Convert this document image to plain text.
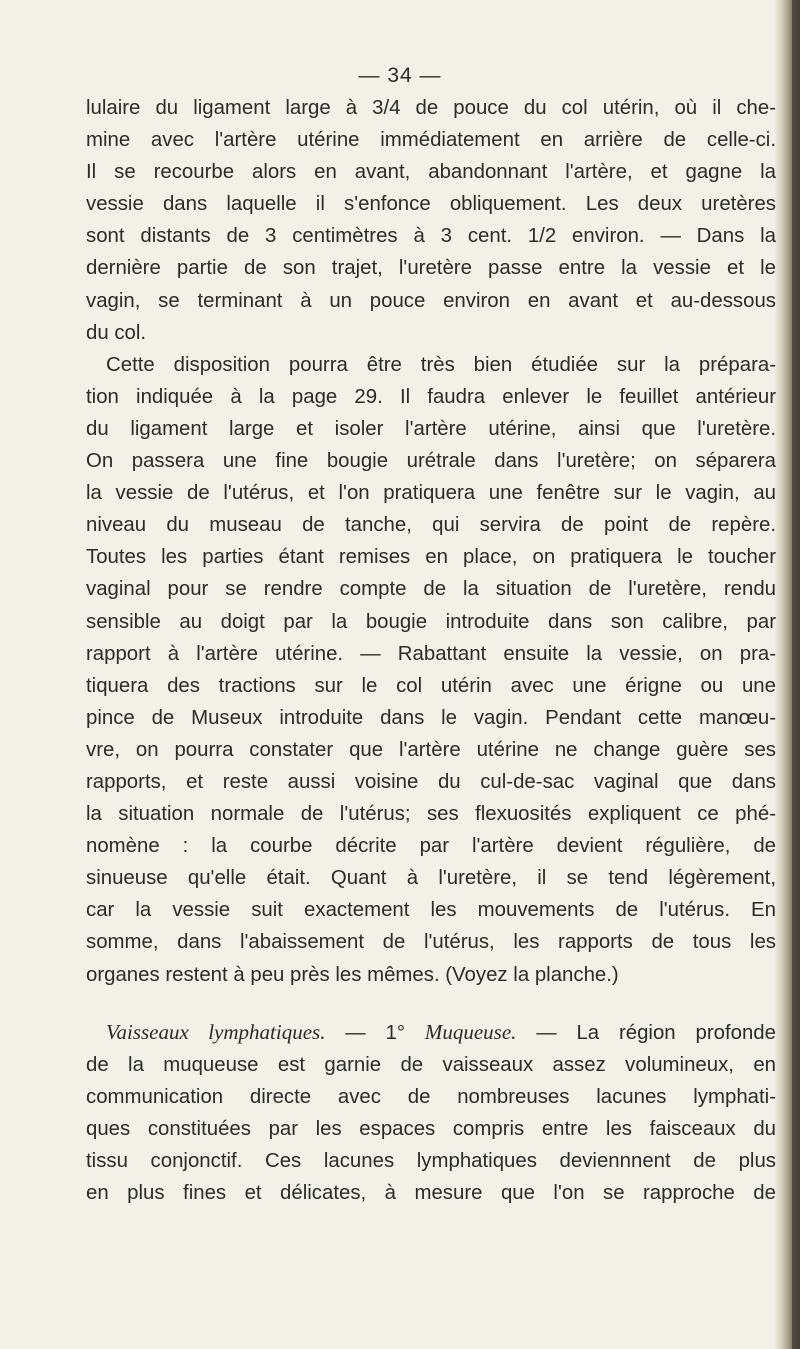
— 34 —
lulaire du ligament large à 3/4 de pouce du col utérin, où il che-
mine avec l'artère utérine immédiatement en arrière de celle-ci.
Il se recourbe alors en avant, abandonnant l'artère, et gagne la
vessie dans laquelle il s'enfonce obliquement. Les deux uretères
sont distants de 3 centimètres à 3 cent. 1/2 environ. — Dans la
dernière partie de son trajet, l'uretère passe entre la vessie et le
vagin, se terminant à un pouce environ en avant et au-dessous
du col.
Cette disposition pourra être très bien étudiée sur la prépara-
tion indiquée à la page 29. Il faudra enlever le feuillet antérieur
du ligament large et isoler l'artère utérine, ainsi que l'uretère.
On passera une fine bougie urétrale dans l'uretère; on séparera
la vessie de l'utérus, et l'on pratiquera une fenêtre sur le vagin, au
niveau du museau de tanche, qui servira de point de repère.
Toutes les parties étant remises en place, on pratiquera le toucher
vaginal pour se rendre compte de la situation de l'uretère, rendu
sensible au doigt par la bougie introduite dans son calibre, par
rapport à l'artère utérine. — Rabattant ensuite la vessie, on pra-
tiquera des tractions sur le col utérin avec une érigne ou une
pince de Museux introduite dans le vagin. Pendant cette manœu-
vre, on pourra constater que l'artère utérine ne change guère ses
rapports, et reste aussi voisine du cul-de-sac vaginal que dans
la situation normale de l'utérus; ses flexuosités expliquent ce phé-
nomène : la courbe décrite par l'artère devient régulière, de
sinueuse qu'elle était. Quant à l'uretère, il se tend légèrement,
car la vessie suit exactement les mouvements de l'utérus. En
somme, dans l'abaissement de l'utérus, les rapports de tous les
organes restent à peu près les mêmes. (Voyez la planche.)
Vaisseaux lymphatiques. — 1° Muqueuse. — La région profonde
de la muqueuse est garnie de vaisseaux assez volumineux, en
communication directe avec de nombreuses lacunes lymphati-
ques constituées par les espaces compris entre les faisceaux du
tissu conjonctif. Ces lacunes lymphatiques deviennnent de plus
en plus fines et délicates, à mesure que l'on se rapproche de
